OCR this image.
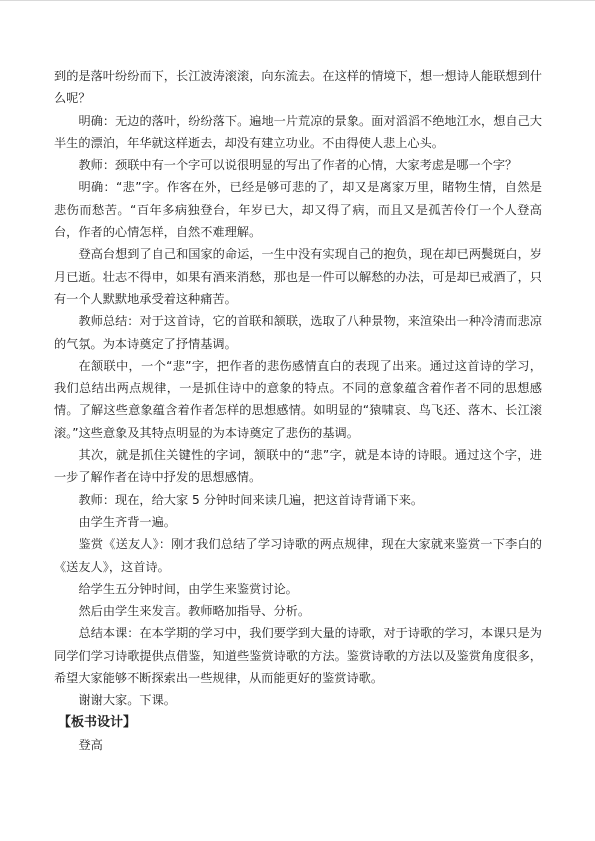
到的是落叶纷纷而下，长江波涛滚滚，向东流去。在这样的情境下，想一想诗人能联想到什么呢？

明确：无边的落叶，纷纷落下。遍地一片荒凉的景象。面对滔滔不绝地江水，想自己大半生的漂泊，年华就这样逝去，却没有建立功业。不由得使人悲上心头。

教师：颈联中有一个字可以说很明显的写出了作者的心情，大家考虑是哪一个字？

明确：“悲”字。作客在外，已经是够可悲的了，却又是离家万里，睹物生情，自然是悲伤而愁苦。“百年多病独登台，年岁已大，却又得了病，而且又是孤苦伶仃一个人登高台，作者的心情怎样，自然不难理解。

登高台想到了自己和国家的命运，一生中没有实现自己的抱负，现在却已两鬓斑白，岁月已逝。壮志不得申，如果有酒来消愁，那也是一件可以解愁的办法，可是却已戒酒了，只有一个人默默地承受着这种痛苦。

教师总结：对于这首诗，它的首联和颔联，选取了八种景物，来渲染出一种冷清而悲凉的气氛。为本诗奠定了抒情基调。

在颔联中，一个“悲”字，把作者的悲伤感情直白的表现了出来。通过这首诗的学习，我们总结出两点规律，一是抓住诗中的意象的特点。不同的意象蕴含着作者不同的思想感情。了解这些意象蕴含着作者怎样的思想感情。如明显的“猿啸哀、鸟飞还、落木、长江滚滚。”这些意象及其特点明显的为本诗奠定了悲伤的基调。

其次，就是抓住关键性的字词，颔联中的“悲”字，就是本诗的诗眼。通过这个字，进一步了解作者在诗中抒发的思想感情。

教师：现在，给大家 5 分钟时间来读几遍，把这首诗背诵下来。

由学生齐背一遍。

鉴赏《送友人》：刚才我们总结了学习诗歌的两点规律，现在大家就来鉴赏一下李白的《送友人》，这首诗。

给学生五分钟时间，由学生来鉴赏讨论。

然后由学生来发言。教师略加指导、分析。

总结本课：在本学期的学习中，我们要学到大量的诗歌，对于诗歌的学习，本课只是为同学们学习诗歌提供点借鉴，知道些鉴赏诗歌的方法。鉴赏诗歌的方法以及鉴赏角度很多，希望大家能够不断探索出一些规律，从而能更好的鉴赏诗歌。

谢谢大家。下课。

【板书设计】

登高
